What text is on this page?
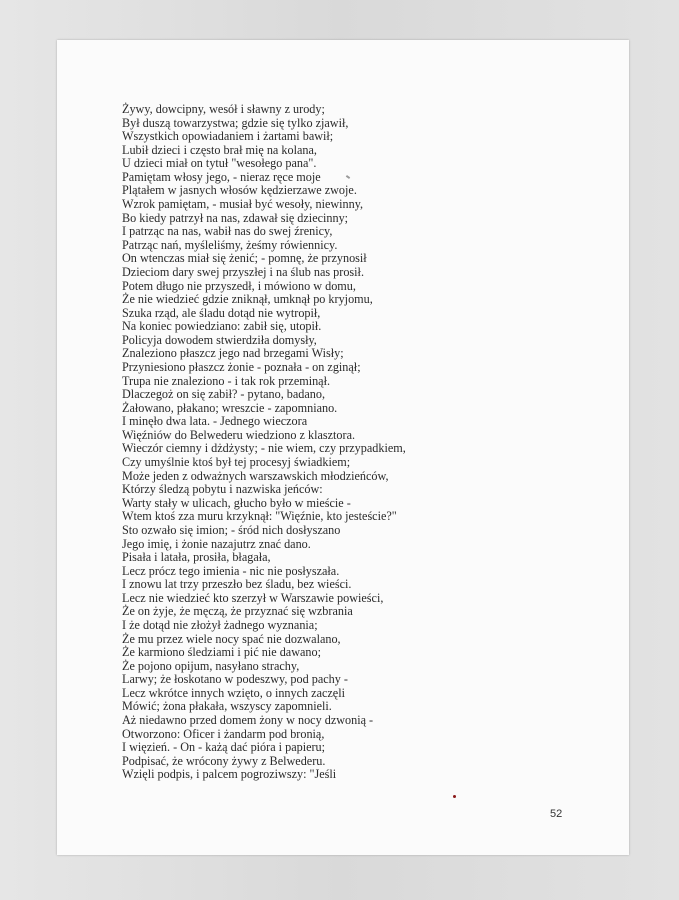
Żywy, dowcipny, wesół i sławny z urody;
Był duszą towarzystwa; gdzie się tylko zjawił,
Wszystkich opowiadaniem i żartami bawił;
Lubił dzieci i często brał mię na kolana,
U dzieci miał on tytuł "wesołego pana".
Pamiętam włosy jego, - nieraz ręce moje
Plątałem w jasnych włosów kędzierzawe zwoje.
Wzrok pamiętam, - musiał być wesoły, niewinny,
Bo kiedy patrzył na nas, zdawał się dziecinny;
I patrząc na nas, wabił nas do swej źrenicy,
Patrząc nań, myśleliśmy, żeśmy rówiennicy.
On wtenczas miał się żenić; - pomnę, że przynosił
Dzieciom dary swej przyszłej i na ślub nas prosił.
Potem długo nie przyszedł, i mówiono w domu,
Że nie wiedzieć gdzie zniknął, umknął po kryjomu,
Szuka rząd, ale śladu dotąd nie wytropił,
Na koniec powiedziano: zabił się, utopił.
Policyja dowodem stwierdziła domysły,
Znaleziono płaszcz jego nad brzegami Wisły;
Przyniesiono płaszcz żonie - poznała - on zginął;
Trupa nie znaleziono - i tak rok przeminął.
Dlaczegoż on się zabił? - pytano, badano,
Żałowano, płakano; wreszcie - zapomniano.
I minęło dwa lata. - Jednego wieczora
Więźniów do Belwederu wiedziono z klasztora.
Wieczór ciemny i dżdżysty; - nie wiem, czy przypadkiem,
Czy umyślnie ktoś był tej procesyj świadkiem;
Może jeden z odważnych warszawskich młodzieńców,
Którzy śledzą pobytu i nazwiska jeńców:
Warty stały w ulicach, głucho było w mieście -
Wtem ktoś zza muru krzyknął: "Więźnie, kto jesteście?"
Sto ozwało się imion; - śród nich dosłyszano
Jego imię, i żonie nazajutrz znać dano.
Pisała i latała, prosiła, błagała,
Lecz prócz tego imienia - nic nie posłyszała.
I znowu lat trzy przeszło bez śladu, bez wieści.
Lecz nie wiedzieć kto szerzył w Warszawie powieści,
Że on żyje, że męczą, że przyznać się wzbrania
I że dotąd nie złożył żadnego wyznania;
Że mu przez wiele nocy spać nie dozwalano,
Że karmiono śledziami i pić nie dawano;
Że pojono opijum, nasyłano strachy,
Larwy; że łoskotano w podeszwy, pod pachy -
Lecz wkrótce innych wzięto, o innych zaczęli
Mówić; żona płakała, wszyscy zapomnieli.
Aż niedawno przed domem żony w nocy dzwonią -
Otworzono: Oficer i żandarm pod bronią,
I więzień. - On - każą dać pióra i papieru;
Podpisać, że wrócony żywy z Belwederu.
Wzięli podpis, i palcem pogroziwszy: "Jeśli
52
